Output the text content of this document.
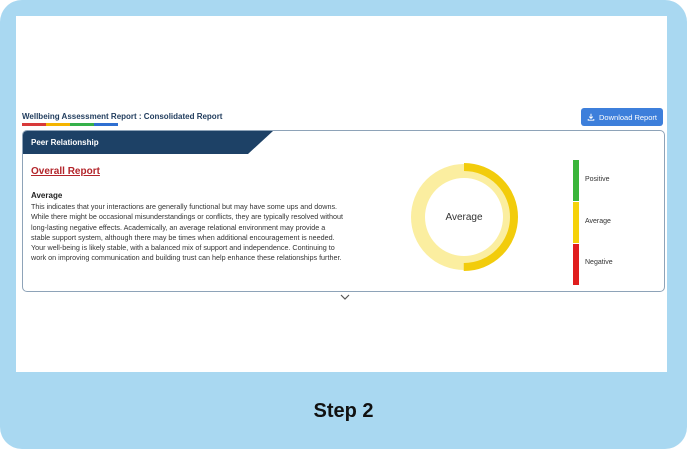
Wellbeing Assessment Report : Consolidated Report	Download Report
Peer Relationship
Overall Report
Average
This indicates that your interactions are generally functional but may have some ups and downs. While there might be occasional misunderstandings or conflicts, they are typically resolved without long-lasting negative effects. Academically, an average relational environment may provide a stable support system, although there may be times when additional encouragement is needed. Your well-being is likely stable, with a balanced mix of support and independence. Continuing to work on improving communication and building trust can help enhance these relationships further.
Average
Positive
Average
Negative
Step 2
